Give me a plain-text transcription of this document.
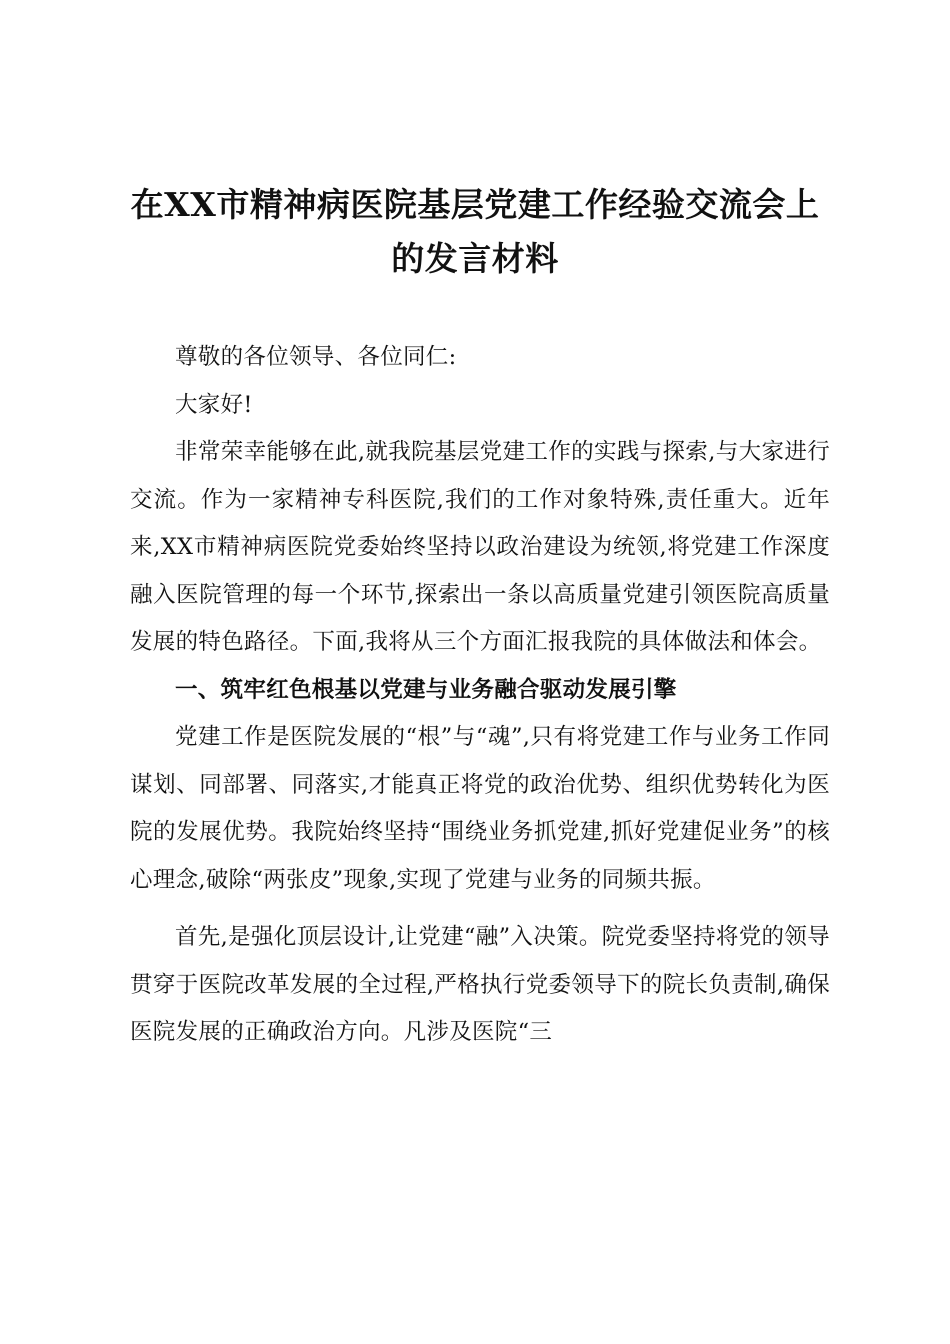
在XX市精神病医院基层党建工作经验交流会上的发言材料

尊敬的各位领导、各位同仁:

大家好!

非常荣幸能够在此,就我院基层党建工作的实践与探索,与大家进行交流。作为一家精神专科医院,我们的工作对象特殊,责任重大。近年来,XX市精神病医院党委始终坚持以政治建设为统领,将党建工作深度融入医院管理的每一个环节,探索出一条以高质量党建引领医院高质量发展的特色路径。下面,我将从三个方面汇报我院的具体做法和体会。

一、筑牢红色根基以党建与业务融合驱动发展引擎

党建工作是医院发展的“根”与“魂”,只有将党建工作与业务工作同谋划、同部署、同落实,才能真正将党的政治优势、组织优势转化为医院的发展优势。我院始终坚持“围绕业务抓党建,抓好党建促业务”的核心理念,破除“两张皮”现象,实现了党建与业务的同频共振。

首先,是强化顶层设计,让党建“融”入决策。院党委坚持将党的领导贯穿于医院改革发展的全过程,严格执行党委领导下的院长负责制,确保医院发展的正确政治方向。凡涉及医院“三
